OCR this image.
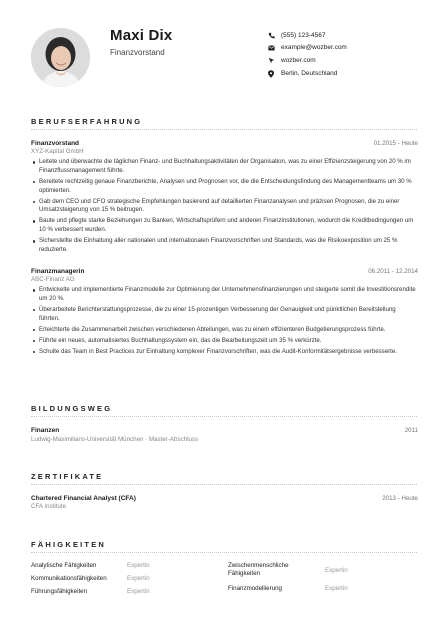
Maxi Dix
Finanzvorstand
(555) 123-4567
example@wozber.com
wozber.com
Berlin, Deutschland
BERUFSERFAHRUNG
Finanzvorstand	01.2015 - Heute
XYZ-Kapital GmbH
Leitete und überwachte die täglichen Finanz- und Buchhaltungsaktivitäten der Organisation, was zu einer Effizienzsteigerung von 20 % im Finanzflussmanagement führte.
Bereitete rechtzeitig genaue Finanzberichte, Analysen und Prognosen vor, die die Entscheidungsfindung des Managementteams um 30 % optimierten.
Gab dem CEO und CFO strategische Empfehlungen basierend auf detaillierten Finanzanalysen und präzisen Prognosen, die zu einer Umsatzsteigerung von 15 % beitrugen.
Baute und pflegte starke Beziehungen zu Banken, Wirtschaftsprüfern und anderen Finanzinstitutionen, wodurch die Kreditbedingungen um 10 % verbessert wurden.
Sicherstellte die Einhaltung aller nationalen und internationalen Finanzvorschriften und Standards, was die Risikoexposition um 25 % reduzierte.
Finanzmanagerin	06.2011 - 12.2014
ABC-Finanz AG
Entwickelte und implementierte Finanzmodelle zur Optimierung der Unternehmensfinanzierungen und steigerte somit die Investitionsrendite um 20 %.
Überarbeitete Berichterstattungsprozesse, die zu einer 15-prozentigen Verbesserung der Genauigkeit und pünktlichen Bereitstellung führten.
Erleichterte die Zusammenarbeit zwischen verschiedenen Abteilungen, was zu einem effizienteren Budgetierungsprozess führte.
Führte ein neues, automatisiertes Buchhaltungssystem ein, das die Bearbeitungszeit um 35 % verkürzte.
Schulte das Team in Best Practices zur Einhaltung komplexer Finanzvorschriften, was die Audit-Konformitätsergebnisse verbesserte.
BILDUNGSWEG
Finanzen	2011
Ludwig-Maximilians-Universität München · Master-Abschluss
ZERTIFIKATE
Chartered Financial Analyst (CFA)	2013 - Heute
CFA Institute
FÄHIGKEITEN
Analytische Fähigkeiten	Expertin
Kommunikationsfähigkeiten	Expertin
Führungsfähigkeiten	Expertin
Zwischenmenschliche Fähigkeiten	Expertin
Finanzmodellierung	Expertin
